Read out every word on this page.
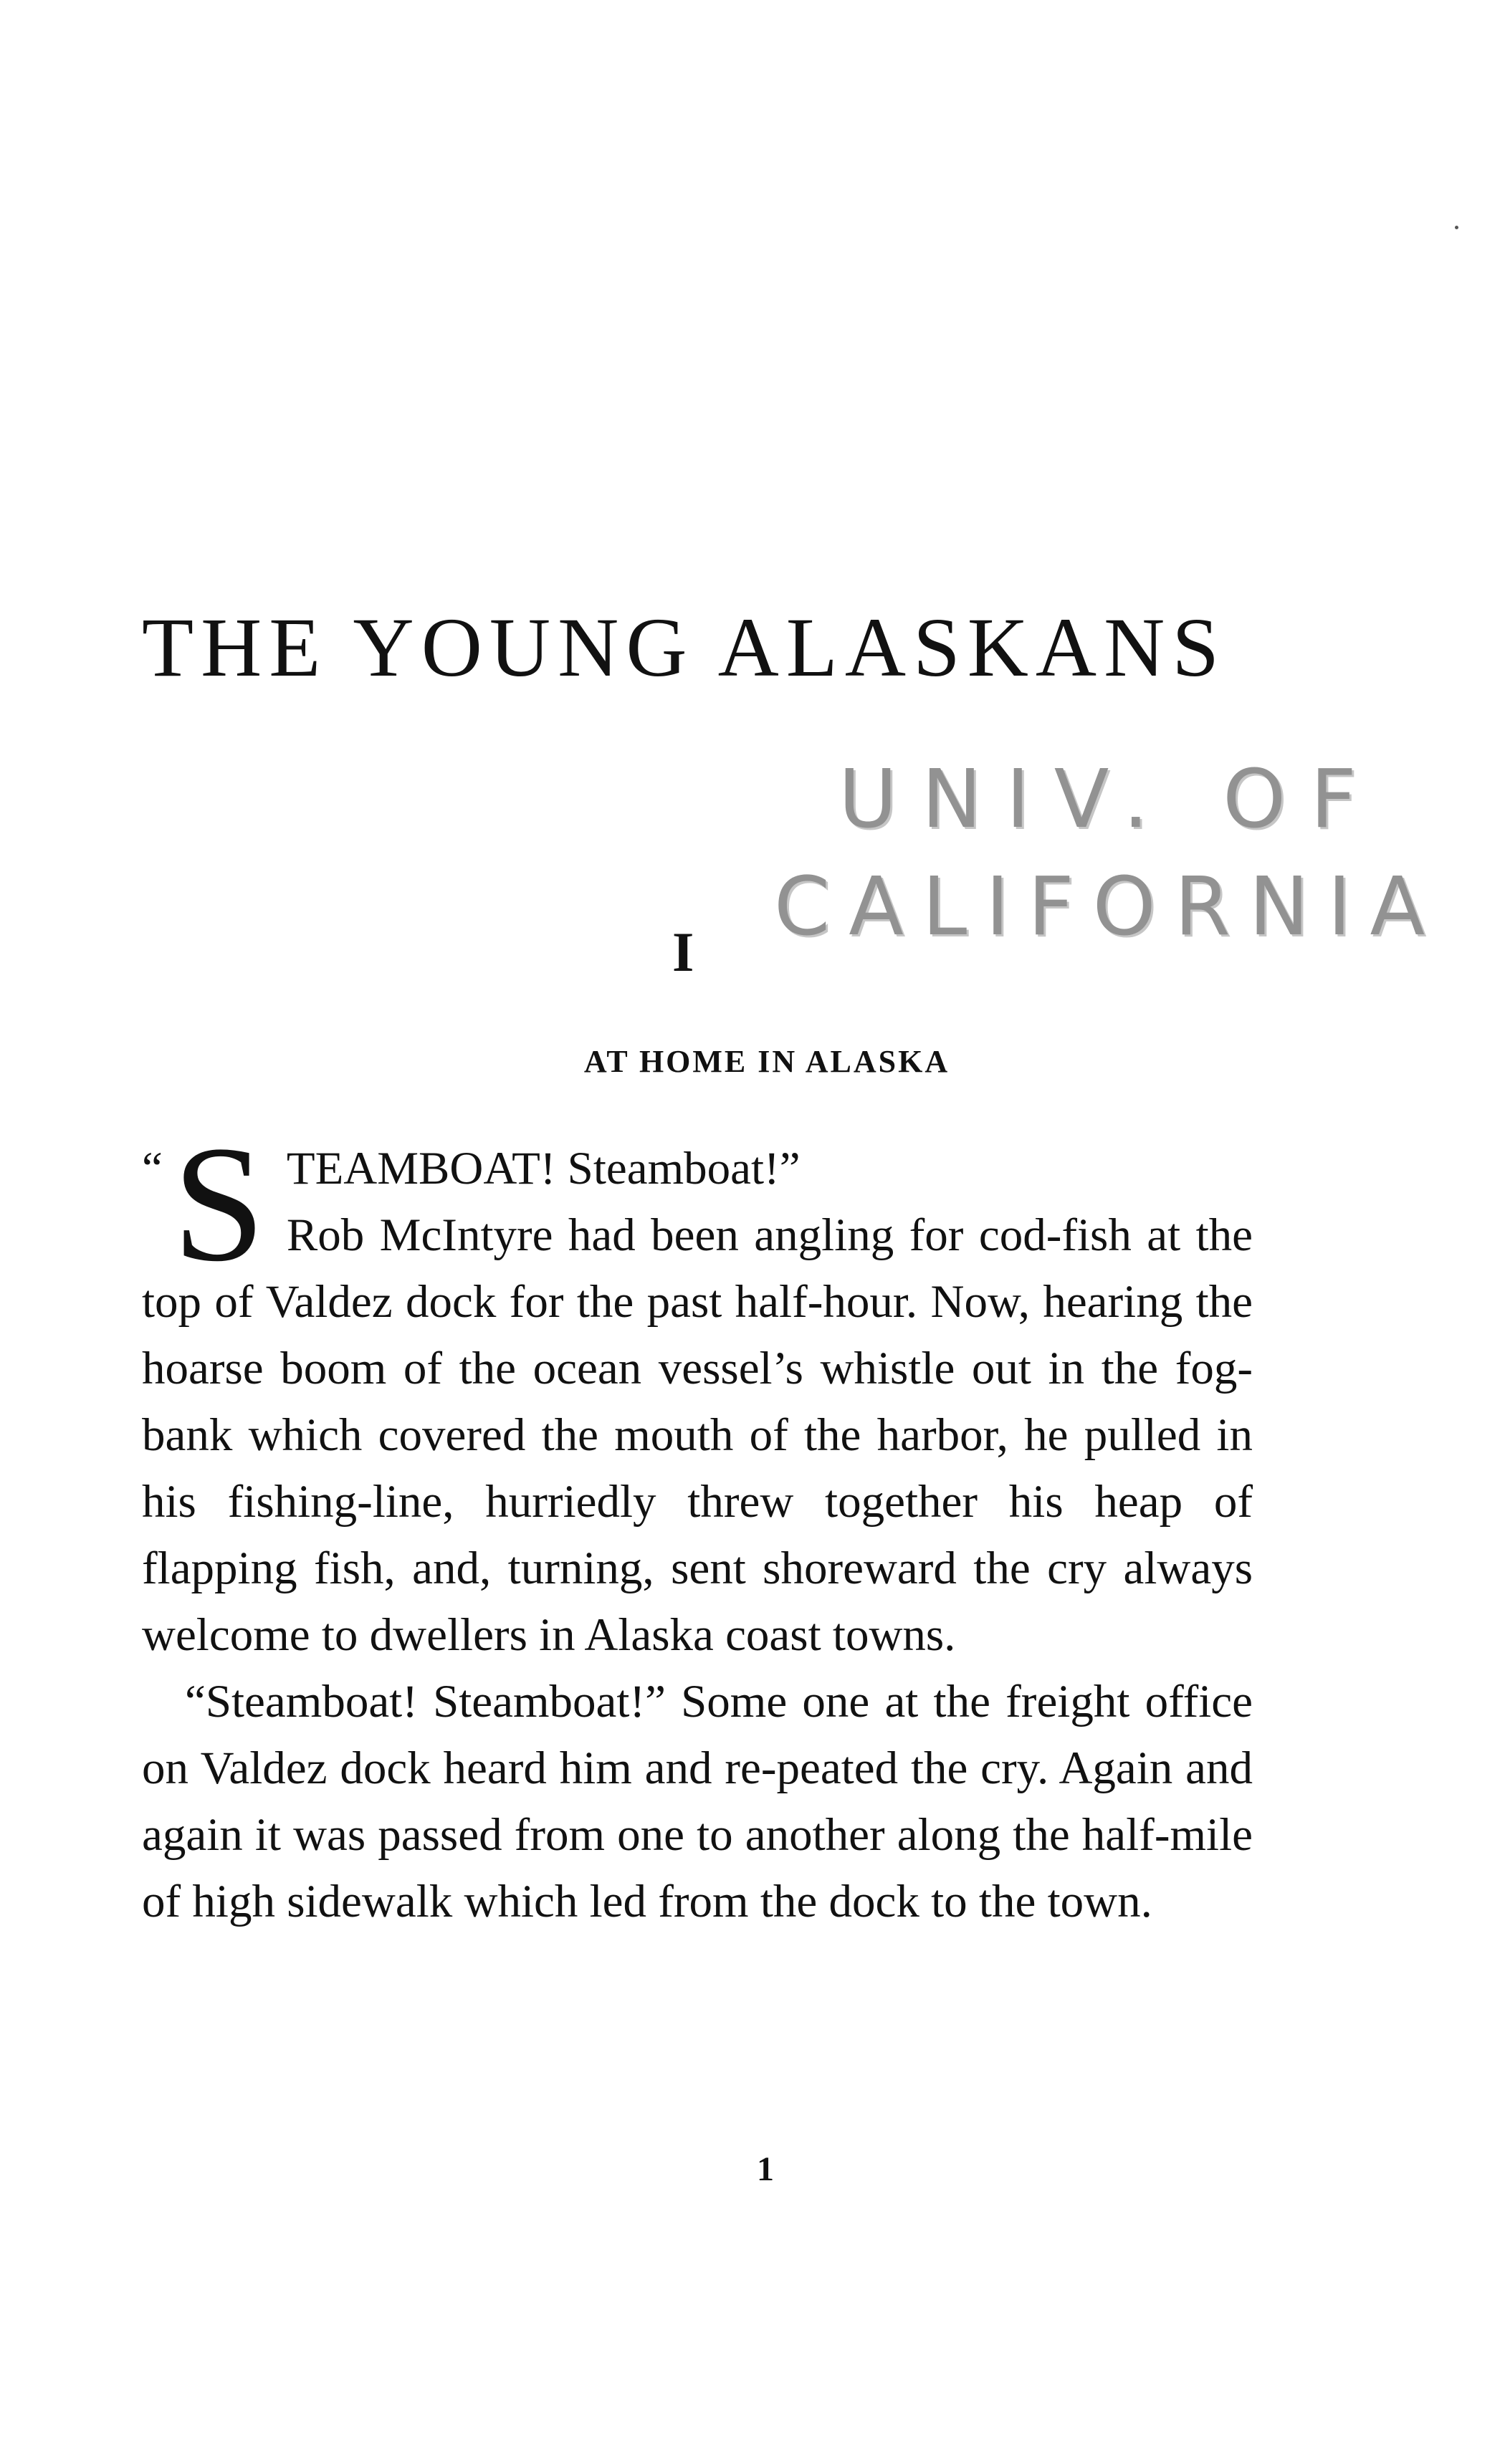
THE YOUNG ALASKANS
UNIV. OF
CALIFORNIA
I
AT HOME IN ALASKA

“ S TEAMBOAT! Steamboat!”
Rob McIntyre had been angling for cod-fish at the top of Valdez dock for the past half-hour. Now, hearing the hoarse boom of the ocean vessel’s whistle out in the fog-bank which covered the mouth of the harbor, he pulled in his fishing-line, hurriedly threw together his heap of flapping fish, and, turning, sent shoreward the cry always welcome to dwellers in Alaska coast towns.

“Steamboat! Steamboat!” Some one at the freight office on Valdez dock heard him and re-peated the cry. Again and again it was passed from one to another along the half-mile of high sidewalk which led from the dock to the town.

1
